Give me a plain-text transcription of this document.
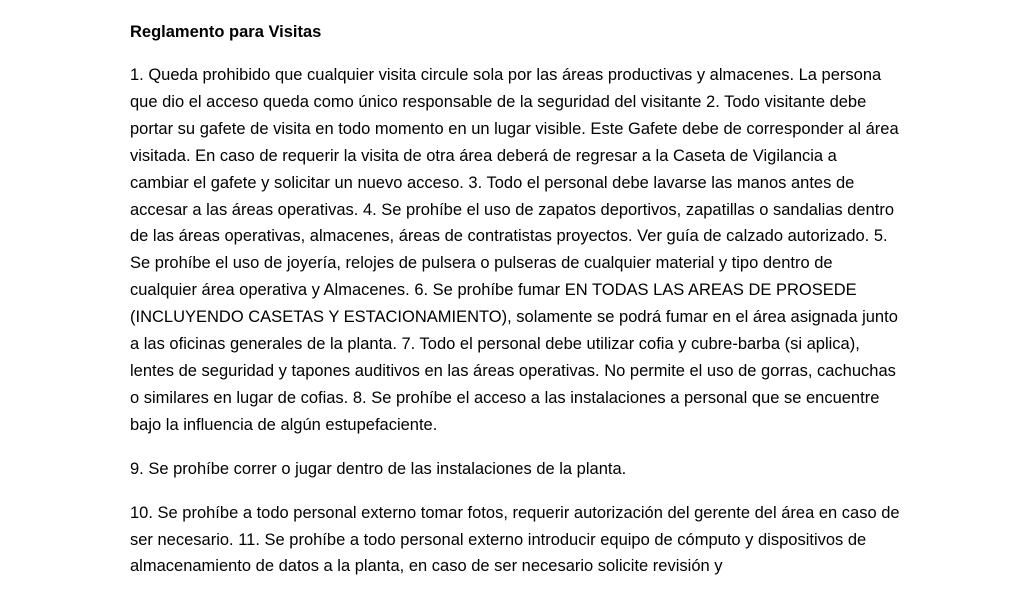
Reglamento para Visitas

1. Queda prohibido que cualquier visita circule sola por las áreas productivas y almacenes. La persona que dio el acceso queda como único responsable de la seguridad del visitante 2. Todo visitante debe portar su gafete de visita en todo momento en un lugar visible. Este Gafete debe de corresponder al área visitada. En caso de requerir la visita de otra área deberá de regresar a la Caseta de Vigilancia a cambiar el gafete y solicitar un nuevo acceso. 3. Todo el personal debe lavarse las manos antes de accesar a las áreas operativas. 4. Se prohíbe el uso de zapatos deportivos, zapatillas o sandalias dentro de las áreas operativas, almacenes, áreas de contratistas proyectos. Ver guía de calzado autorizado. 5. Se prohíbe el uso de joyería, relojes de pulsera o pulseras de cualquier material y tipo dentro de cualquier área operativa y Almacenes. 6. Se prohíbe fumar EN TODAS LAS AREAS DE PROSEDE (INCLUYENDO CASETAS Y ESTACIONAMIENTO), solamente se podrá fumar en el área asignada junto a las oficinas generales de la planta. 7. Todo el personal debe utilizar cofia y cubre-barba (si aplica), lentes de seguridad y tapones auditivos en las áreas operativas. No permite el uso de gorras, cachuchas o similares en lugar de cofias. 8. Se prohíbe el acceso a las instalaciones a personal que se encuentre bajo la influencia de algún estupefaciente.

9. Se prohíbe correr o jugar dentro de las instalaciones de la planta.

10. Se prohíbe a todo personal externo tomar fotos, requerir autorización del gerente del área en caso de ser necesario. 11. Se prohíbe a todo personal externo introducir equipo de cómputo y dispositivos de almacenamiento de datos a la planta, en caso de ser necesario solicite revisión y
